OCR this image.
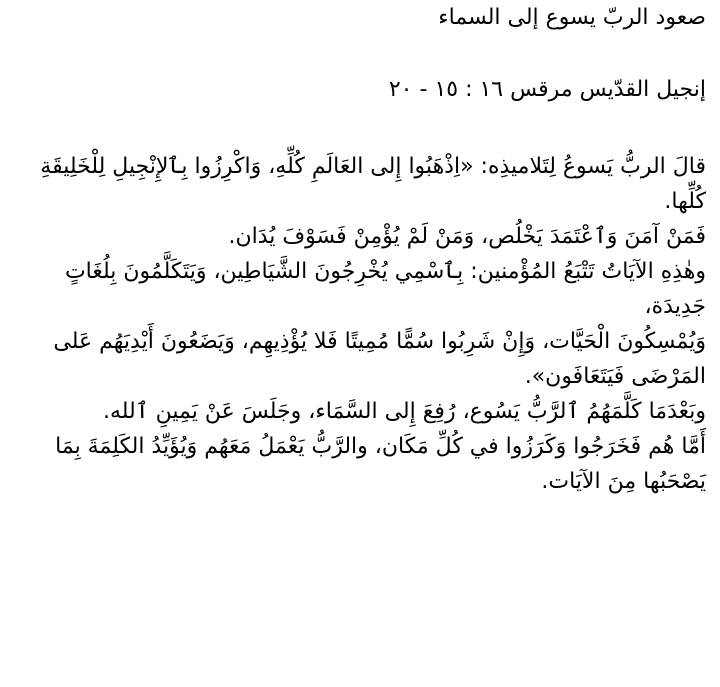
صعود الربّ يسوع إلى السماء

إنجيل القدّيس مرقس ١٦ : ١٥ - ٢٠

قالَ الربُّ يَسوعُ لِتَلاميذِه: «اِذْهَبُوا إِلى العَالَمِ كُلِّهِ، وَاكْرِزُوا بِٱلإِنْجِيلِ لِلْخَلِيقَةِ كُلِّها.
فَمَنْ آمَنَ وَٱعْتَمَدَ يَخْلُص، وَمَنْ لَمْ يُؤْمِنْ فَسَوْفَ يُدَان.
وهٰذِهِ الآيَاتُ تَتْبَعُ المُؤْمنين: بِٱسْمِي يُخْرِجُونَ الشَّيَاطِين، وَيَتَكَلَّمُونَ بِلُغَاتٍ جَدِيدَة،
وَيُمْسِكُونَ الْحَيَّات، وَإِنْ شَرِبُوا سُمًّا مُمِيتًا فَلا يُؤْذِيهِم، وَيَضَعُونَ أَيْدِيَهُم عَلى المَرْضَى فَيَتَعَافَون».
وبَعْدَمَا كَلَّمَهُمُ ٱلرَّبُّ يَسُوع، رُفِعَ إِلى السَّمَاء، وجَلَسَ عَنْ يَمِينِ ٱلله.
أَمَّا هُم فَخَرَجُوا وَكَرَزُوا في كُلِّ مَكَان، والرَّبُّ يَعْمَلُ مَعَهُم وَيُؤَيِّدُ الكَلِمَةَ بِمَا يَصْحَبُها مِنَ الآيَات.
